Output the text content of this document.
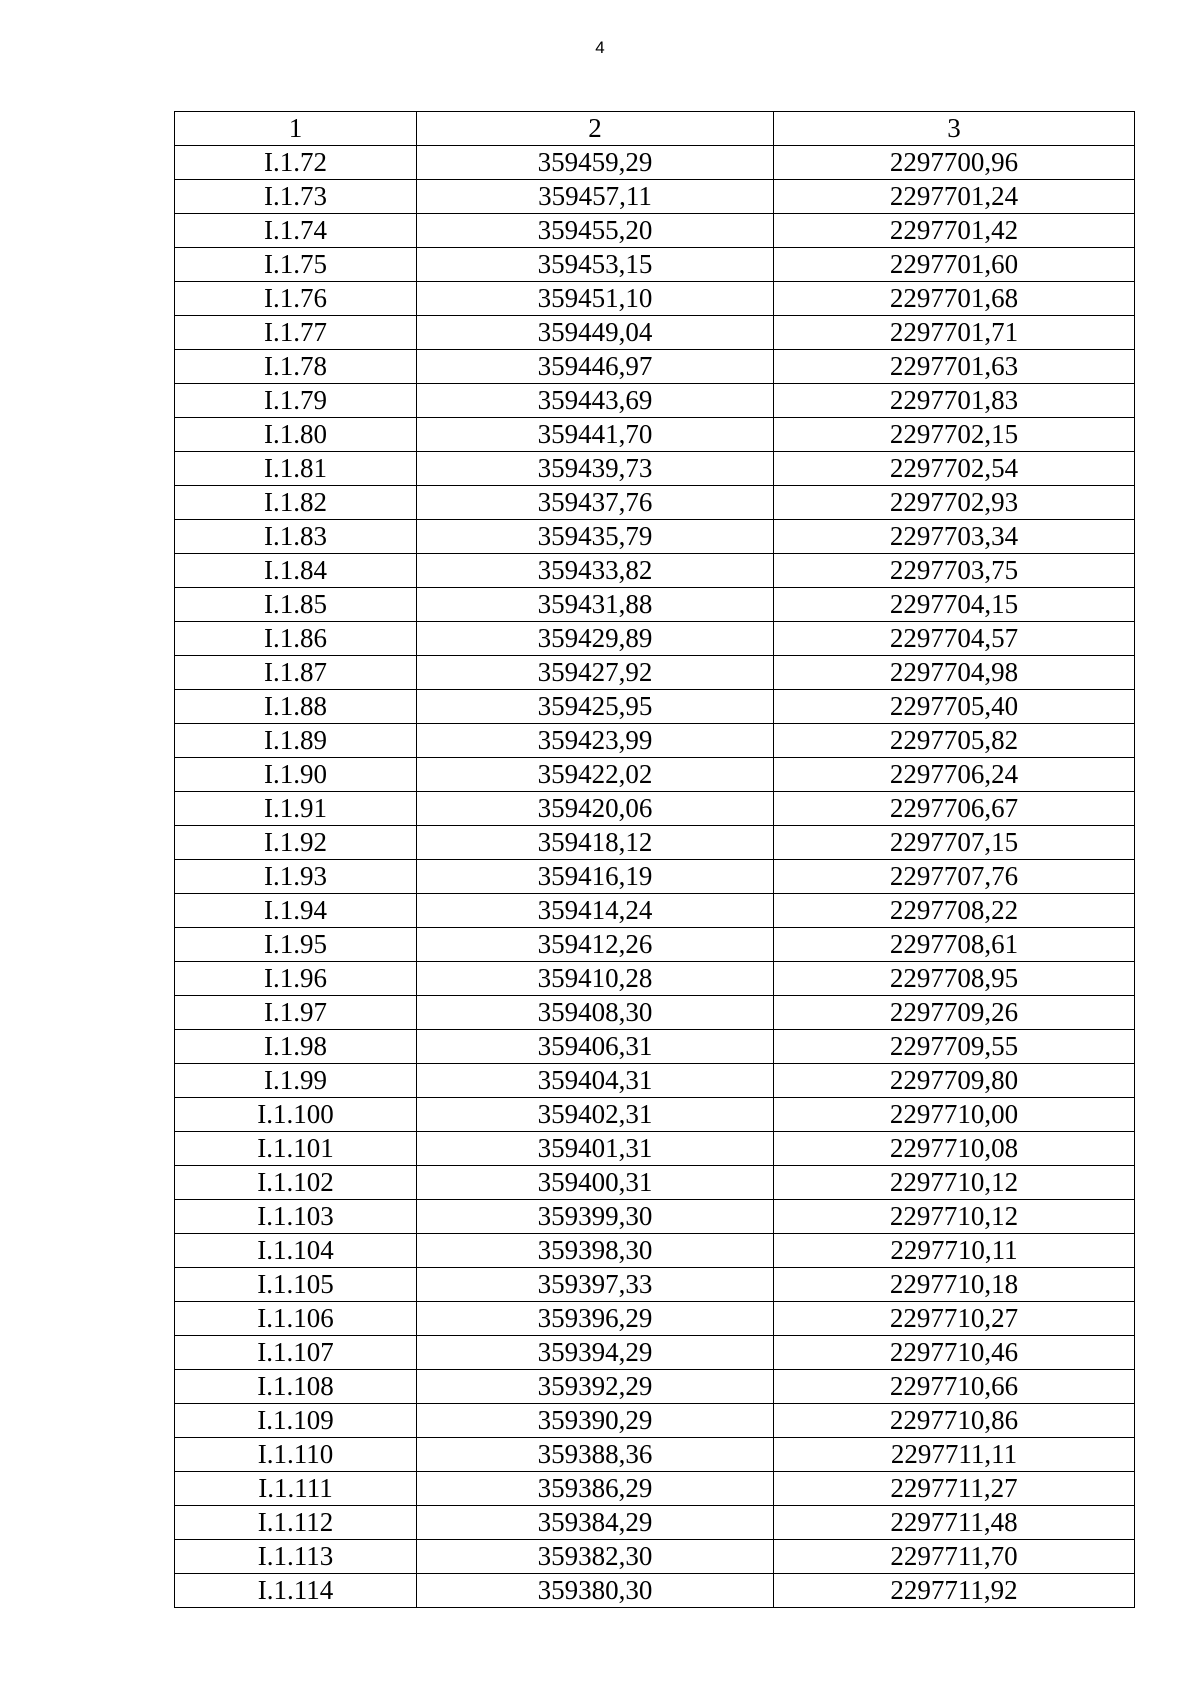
4
1	2	3
I.1.72	359459,29	2297700,96
I.1.73	359457,11	2297701,24
I.1.74	359455,20	2297701,42
I.1.75	359453,15	2297701,60
I.1.76	359451,10	2297701,68
I.1.77	359449,04	2297701,71
I.1.78	359446,97	2297701,63
I.1.79	359443,69	2297701,83
I.1.80	359441,70	2297702,15
I.1.81	359439,73	2297702,54
I.1.82	359437,76	2297702,93
I.1.83	359435,79	2297703,34
I.1.84	359433,82	2297703,75
I.1.85	359431,88	2297704,15
I.1.86	359429,89	2297704,57
I.1.87	359427,92	2297704,98
I.1.88	359425,95	2297705,40
I.1.89	359423,99	2297705,82
I.1.90	359422,02	2297706,24
I.1.91	359420,06	2297706,67
I.1.92	359418,12	2297707,15
I.1.93	359416,19	2297707,76
I.1.94	359414,24	2297708,22
I.1.95	359412,26	2297708,61
I.1.96	359410,28	2297708,95
I.1.97	359408,30	2297709,26
I.1.98	359406,31	2297709,55
I.1.99	359404,31	2297709,80
I.1.100	359402,31	2297710,00
I.1.101	359401,31	2297710,08
I.1.102	359400,31	2297710,12
I.1.103	359399,30	2297710,12
I.1.104	359398,30	2297710,11
I.1.105	359397,33	2297710,18
I.1.106	359396,29	2297710,27
I.1.107	359394,29	2297710,46
I.1.108	359392,29	2297710,66
I.1.109	359390,29	2297710,86
I.1.110	359388,36	2297711,11
I.1.111	359386,29	2297711,27
I.1.112	359384,29	2297711,48
I.1.113	359382,30	2297711,70
I.1.114	359380,30	2297711,92
